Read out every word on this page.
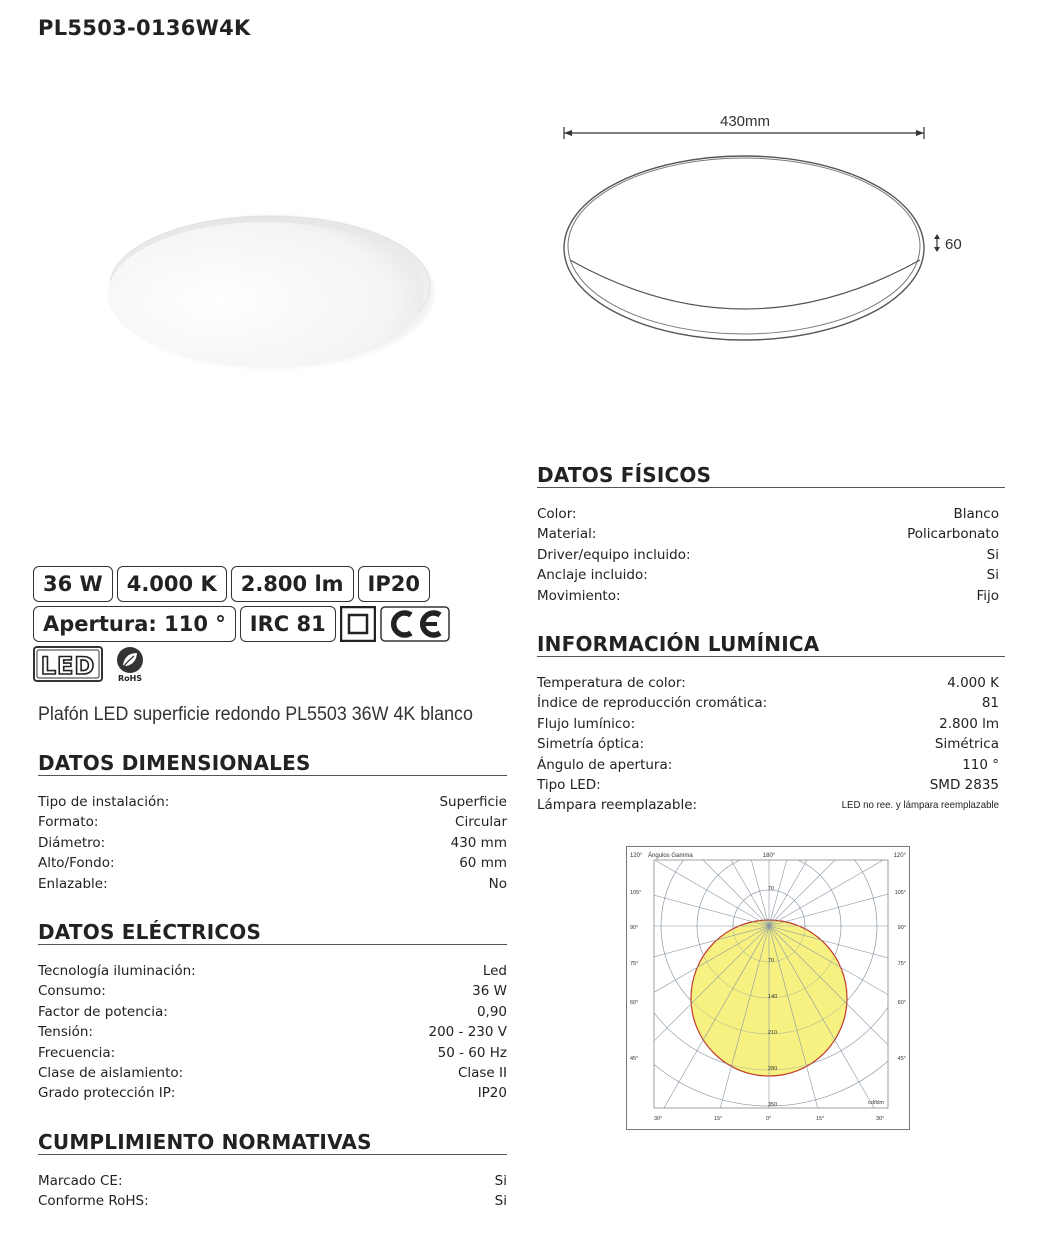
PL5503-0136W4K
430mm
60
36 W	4.000 K	2.800 lm	IP20
Apertura: 110 °	IRC 81
LED	RoHS
Plafón LED superficie redondo PL5503 36W 4K blanco
DATOS DIMENSIONALES
Tipo de instalación:	Superficie
Formato:	Circular
Diámetro:	430 mm
Alto/Fondo:	60 mm
Enlazable:	No
DATOS ELÉCTRICOS
Tecnología iluminación:	Led
Consumo:	36 W
Factor de potencia:	0,90
Tensión:	200 - 230 V
Frecuencia:	50 - 60 Hz
Clase de aislamiento:	Clase II
Grado protección IP:	IP20
CUMPLIMIENTO NORMATIVAS
Marcado CE:	Si
Conforme RoHS:	Si
DATOS FÍSICOS
Color:	Blanco
Material:	Policarbonato
Driver/equipo incluido:	Si
Anclaje incluido:	Si
Movimiento:	Fijo
INFORMACIÓN LUMÍNICA
Temperatura de color:	4.000 K
Índice de reproducción cromática:	81
Flujo lumínico:	2.800 lm
Simetría óptica:	Simétrica
Ángulo de apertura:	110 °
Tipo LED:	SMD 2835
Lámpara reemplazable:	LED no ree. y lámpara reemplazable
120° Ángulos Gamma	180°	120°
105°
90°
75°
60°
45°
105°
90°
75°
60°
45°
70
70
140
210
280
350	cd/klm
30°	15°	0°	15°	30°
